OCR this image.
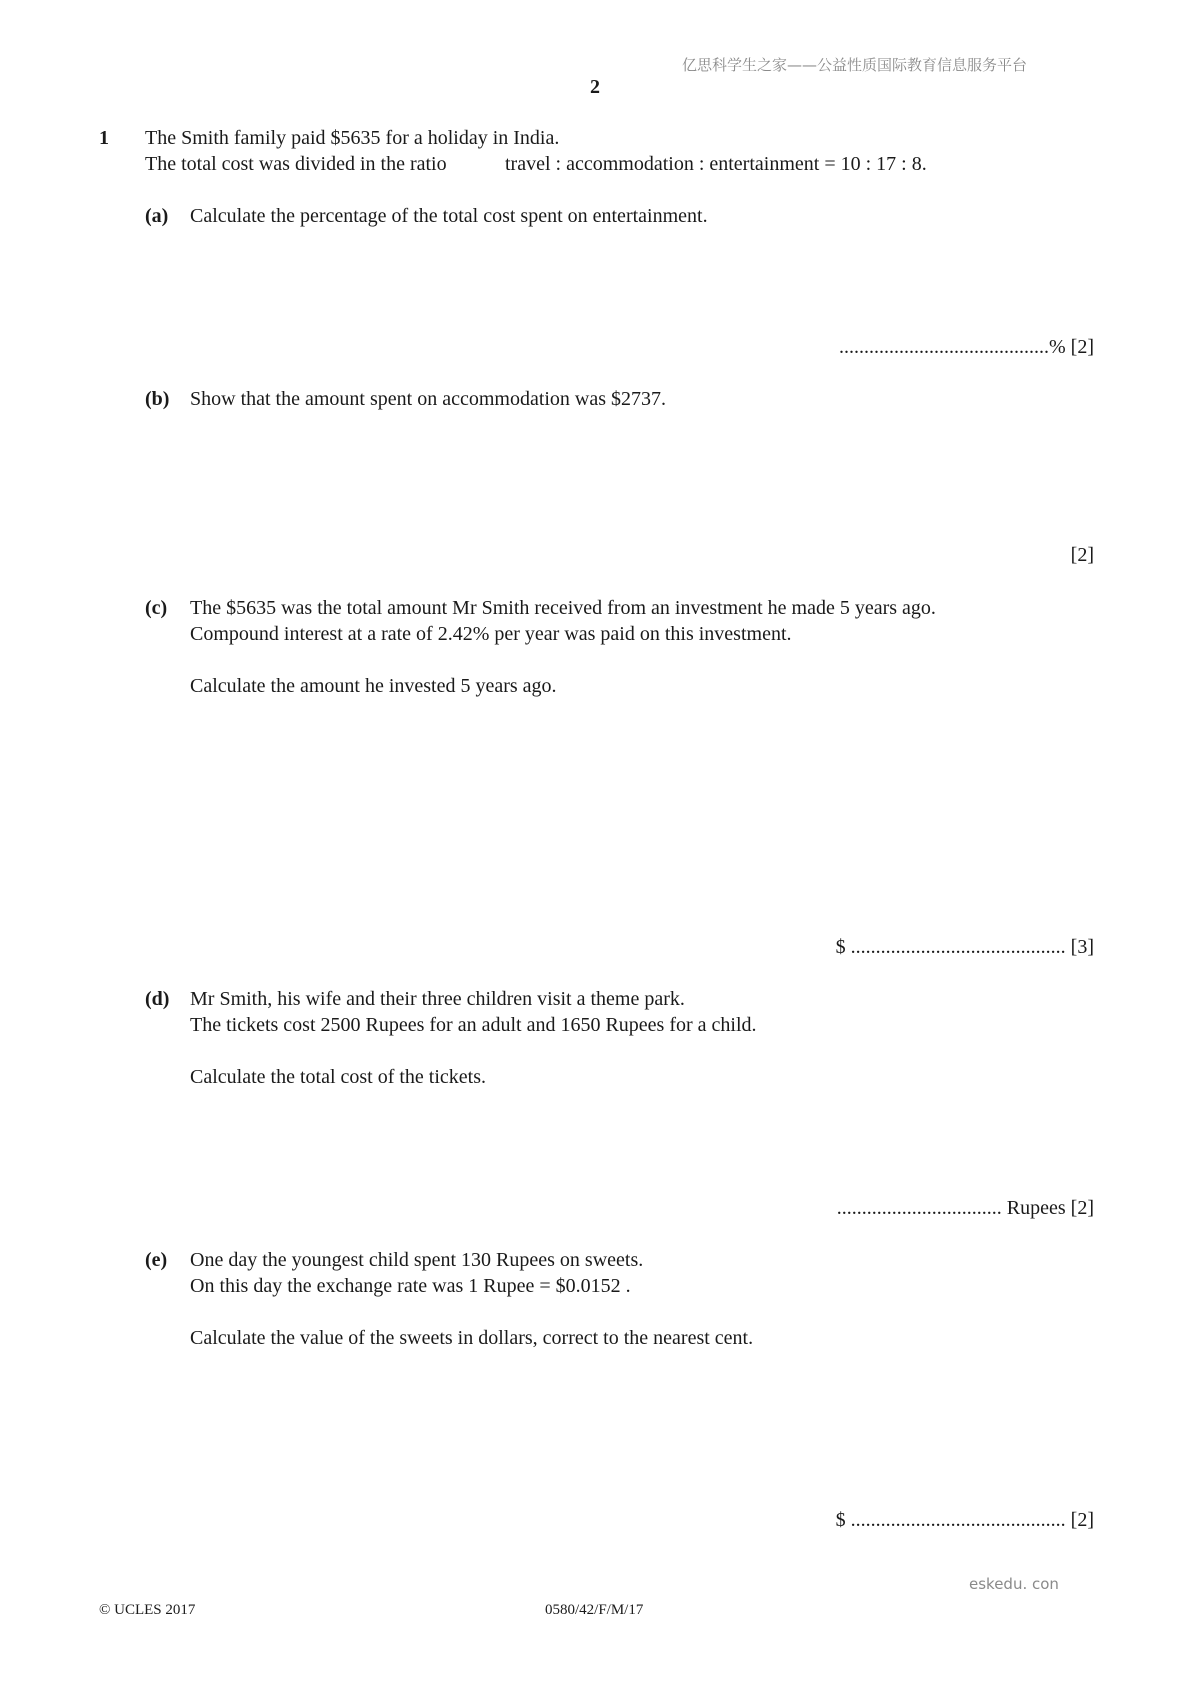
亿思科学生之家——公益性质国际教育信息服务平台
2
1 The Smith family paid $5635 for a holiday in India.
The total cost was divided in the ratio	travel : accommodation : entertainment = 10 : 17 : 8.
(a) Calculate the percentage of the total cost spent on entertainment.
..........................................% [2]
(b) Show that the amount spent on accommodation was $2737.
[2]
(c) The $5635 was the total amount Mr Smith received from an investment he made 5 years ago.
Compound interest at a rate of 2.42% per year was paid on this investment.
Calculate the amount he invested 5 years ago.
$ ........................................... [3]
(d) Mr Smith, his wife and their three children visit a theme park.
The tickets cost 2500 Rupees for an adult and 1650 Rupees for a child.
Calculate the total cost of the tickets.
................................. Rupees [2]
(e) One day the youngest child spent 130 Rupees on sweets.
On this day the exchange rate was 1 Rupee = $0.0152 .
Calculate the value of the sweets in dollars, correct to the nearest cent.
$ ........................................... [2]
eskedu. con
© UCLES 2017	0580/42/F/M/17
